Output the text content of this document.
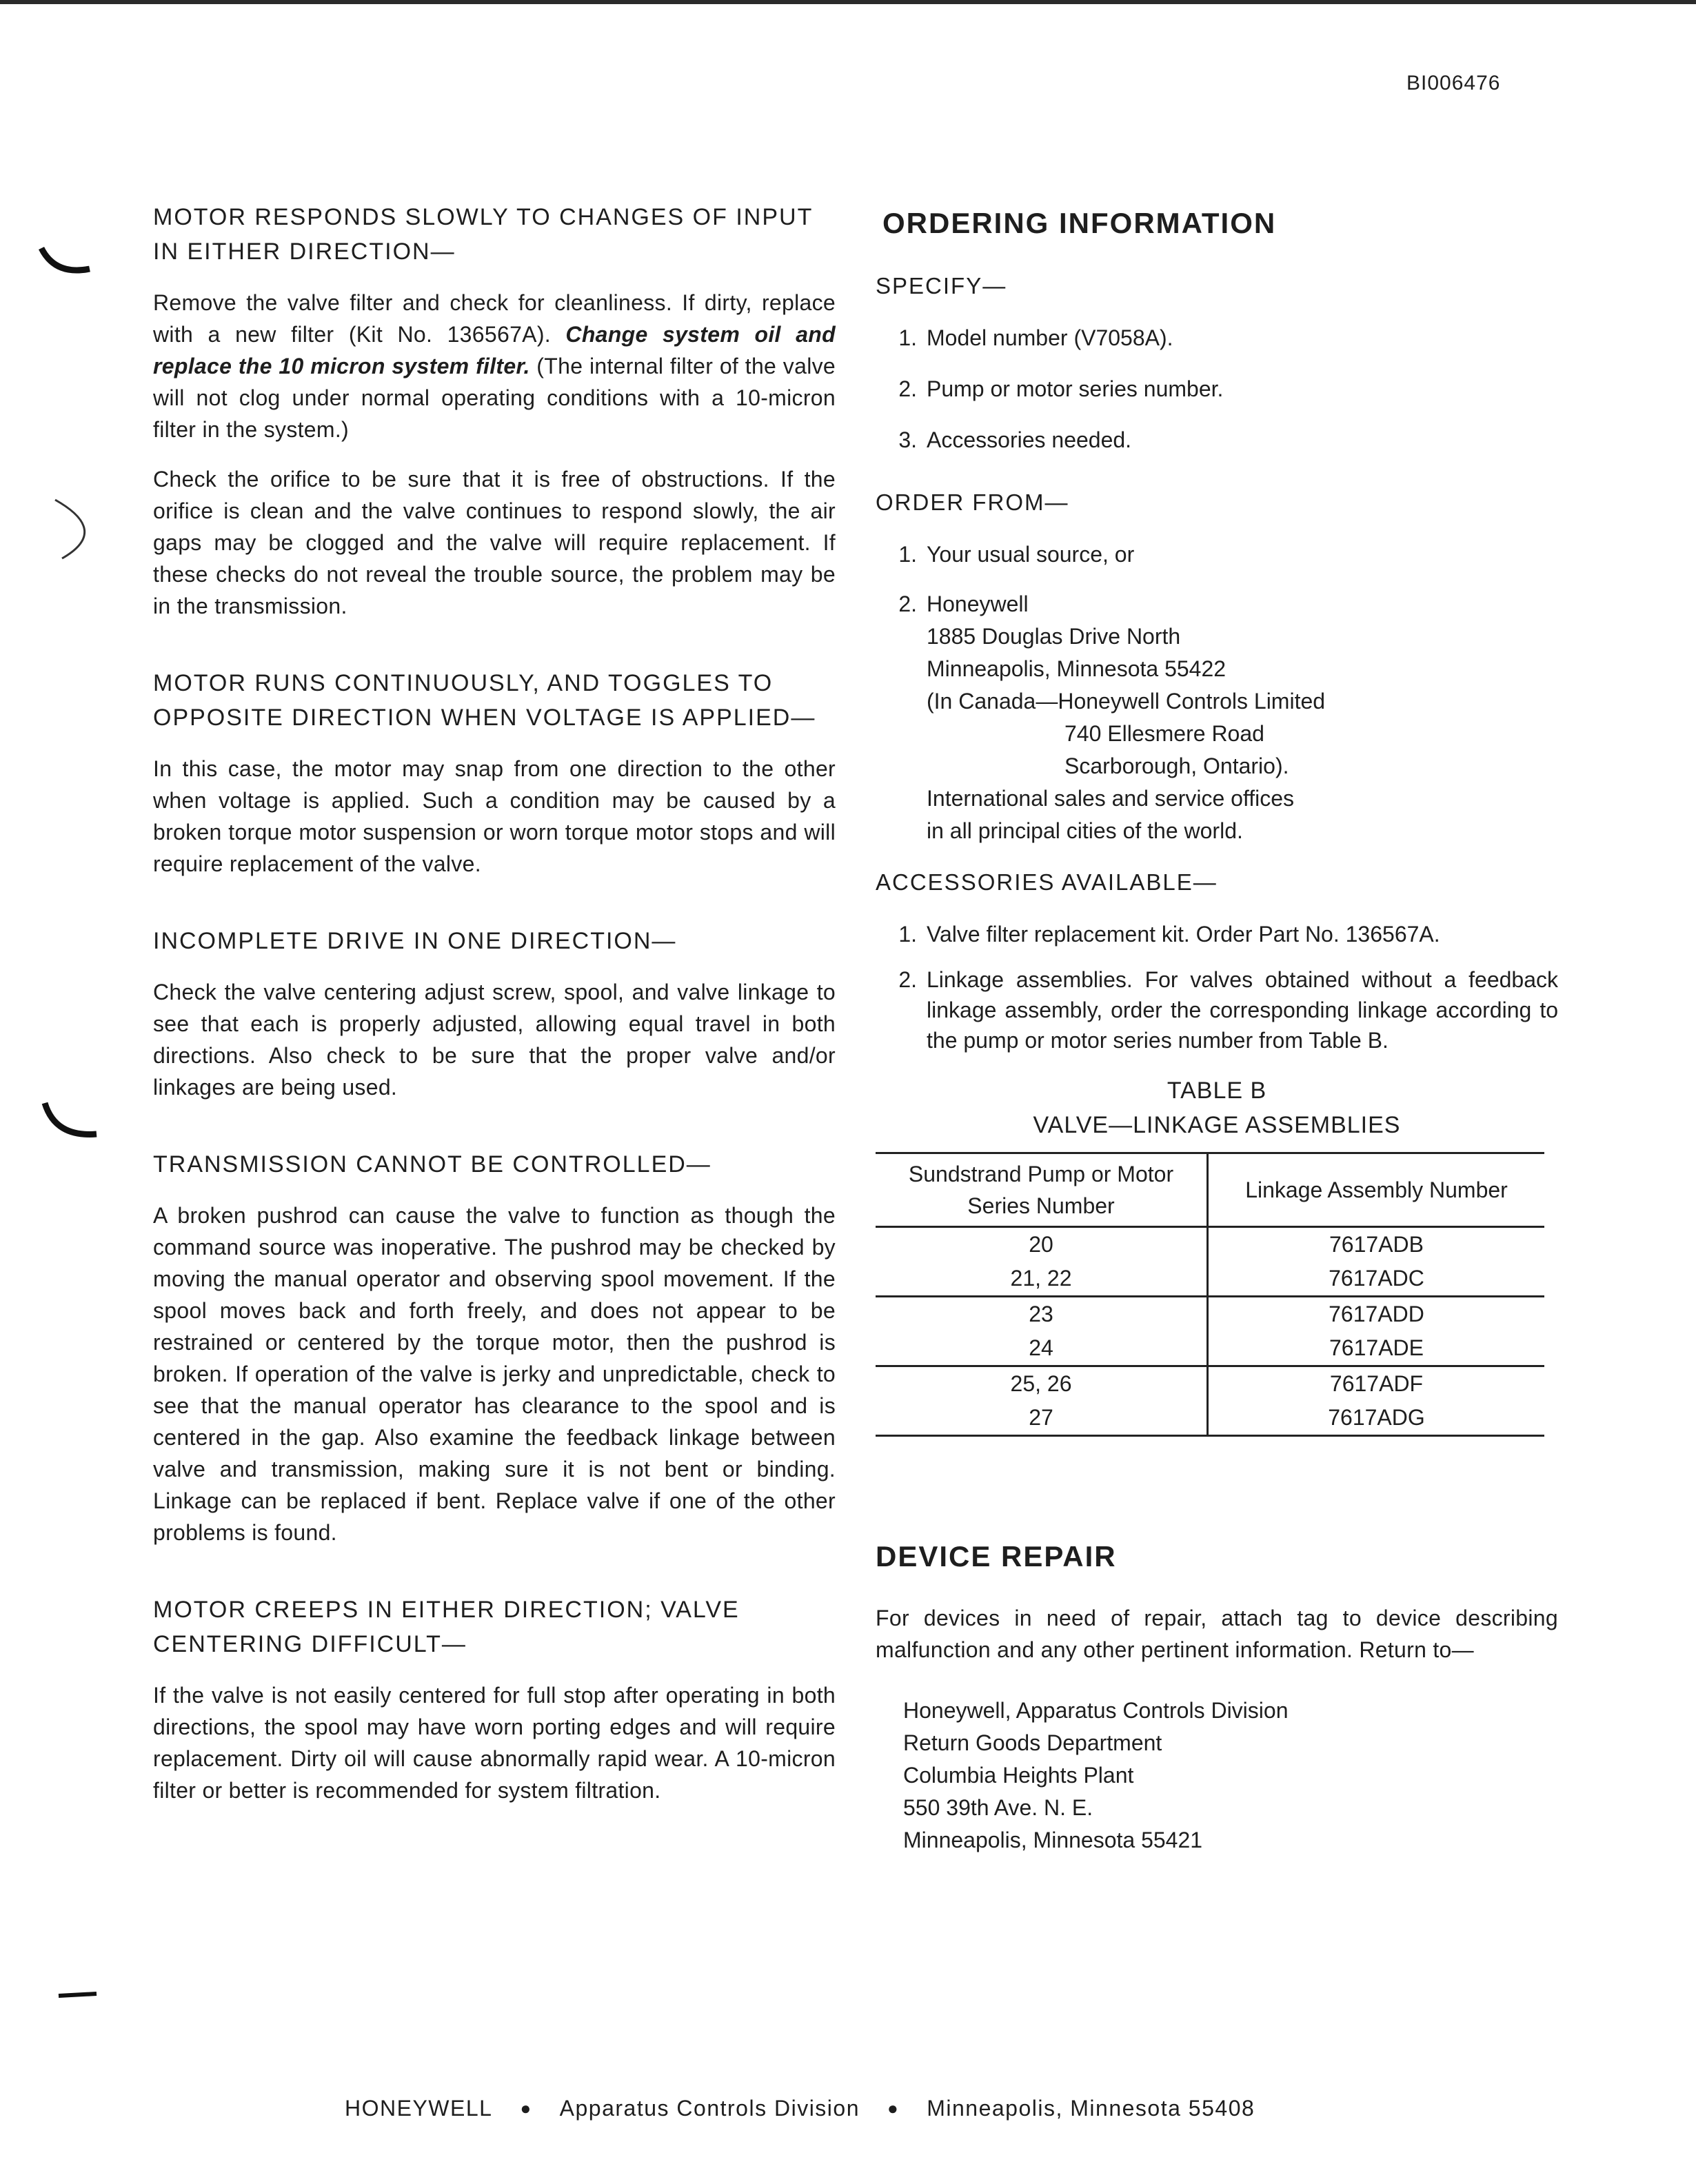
BI006476
MOTOR RESPONDS SLOWLY TO CHANGES OF INPUT IN EITHER DIRECTION—

Remove the valve filter and check for cleanliness. If dirty, replace with a new filter (Kit No. 136567A). Change system oil and replace the 10 micron system filter. (The internal filter of the valve will not clog under normal operating conditions with a 10-micron filter in the system.)

Check the orifice to be sure that it is free of obstructions. If the orifice is clean and the valve continues to respond slowly, the air gaps may be clogged and the valve will require replacement. If these checks do not reveal the trouble source, the problem may be in the transmission.

MOTOR RUNS CONTINUOUSLY, AND TOGGLES TO OPPOSITE DIRECTION WHEN VOLTAGE IS APPLIED—

In this case, the motor may snap from one direction to the other when voltage is applied. Such a condition may be caused by a broken torque motor suspension or worn torque motor stops and will require replacement of the valve.

INCOMPLETE DRIVE IN ONE DIRECTION—

Check the valve centering adjust screw, spool, and valve linkage to see that each is properly adjusted, allowing equal travel in both directions. Also check to be sure that the proper valve and/or linkages are being used.

TRANSMISSION CANNOT BE CONTROLLED—

A broken pushrod can cause the valve to function as though the command source was inoperative. The pushrod may be checked by moving the manual operator and observing spool movement. If the spool moves back and forth freely, and does not appear to be restrained or centered by the torque motor, then the pushrod is broken. If operation of the valve is jerky and unpredictable, check to see that the manual operator has clearance to the spool and is centered in the gap. Also examine the feedback linkage between valve and transmission, making sure it is not bent or binding. Linkage can be replaced if bent. Replace valve if one of the other problems is found.

MOTOR CREEPS IN EITHER DIRECTION; VALVE CENTERING DIFFICULT—

If the valve is not easily centered for full stop after operating in both directions, the spool may have worn porting edges and will require replacement. Dirty oil will cause abnormally rapid wear. A 10-micron filter or better is recommended for system filtration.

ORDERING INFORMATION
SPECIFY—
1. Model number (V7058A).
2. Pump or motor series number.
3. Accessories needed.
ORDER FROM—
1. Your usual source, or
2. Honeywell
1885 Douglas Drive North
Minneapolis, Minnesota 55422
(In Canada—Honeywell Controls Limited
740 Ellesmere Road
Scarborough, Ontario).
International sales and service offices
in all principal cities of the world.
ACCESSORIES AVAILABLE—
1. Valve filter replacement kit. Order Part No. 136567A.
2. Linkage assemblies. For valves obtained without a feedback linkage assembly, order the corresponding linkage according to the pump or motor series number from Table B.
TABLE B
VALVE—LINKAGE ASSEMBLIES
Sundstrand Pump or Motor Series Number	Linkage Assembly Number
20	7617ADB
21, 22	7617ADC
23	7617ADD
24	7617ADE
25, 26	7617ADF
27	7617ADG
DEVICE REPAIR

For devices in need of repair, attach tag to device describing malfunction and any other pertinent information. Return to—

Honeywell, Apparatus Controls Division
Return Goods Department
Columbia Heights Plant
550 39th Ave. N. E.
Minneapolis, Minnesota 55421
HONEYWELL ● Apparatus Controls Division ● Minneapolis, Minnesota 55408
